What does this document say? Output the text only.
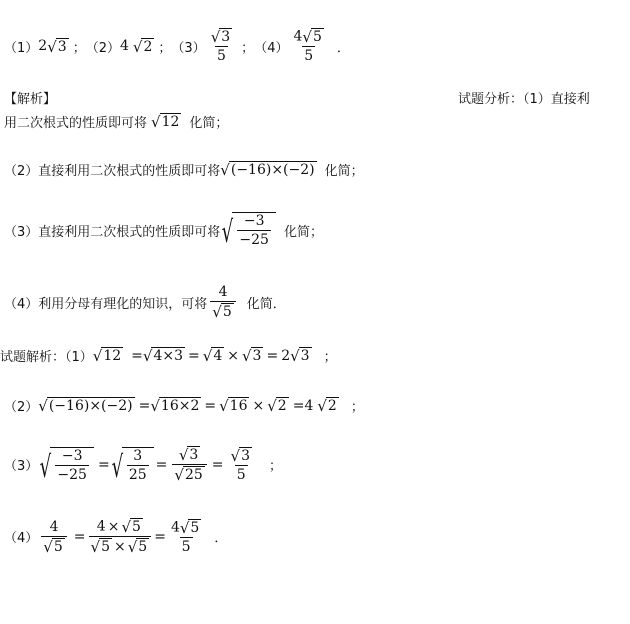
（1） 2 √ 3 ； （2） 4 √ 2 ； $(3) \frac{√ 3}{5}$ ； $(4) \frac{4 √ 5}{5}$ ．
【解析】	试题分析：（1）直接利
用二次根式的性质即可将 √ 12 化简；
（2） 直接利用二次根式的性质即可将 √ (−16)×(−2) 化简；
（3） 直接利用二次根式的性质即可将 √ $\frac{-3}{-25}$ 化简；
（4） 利用分母有理化的知识，可将 $\frac{4}{√ 5}$ 化简．
试题解析：（1） √ 12 = √ 4×3 = √ 4 × √ 3 = 2 √ 3 ；
（2） √ (−16)×(−2) = √ 16×2 = √ 16 × √ 2 = 4 √ 2 ；
（3） √ $\frac{-3}{-25}$ = √ $\frac{3}{25} = \frac{√ 3}{√ 25} = \frac{√ 3}{5}$ ；
$(4) \frac{4}{√ 5} = \frac{4 \times √ 5}{√ 5 \times √ 5} = \frac{4 √ 5}{5}$ ．
